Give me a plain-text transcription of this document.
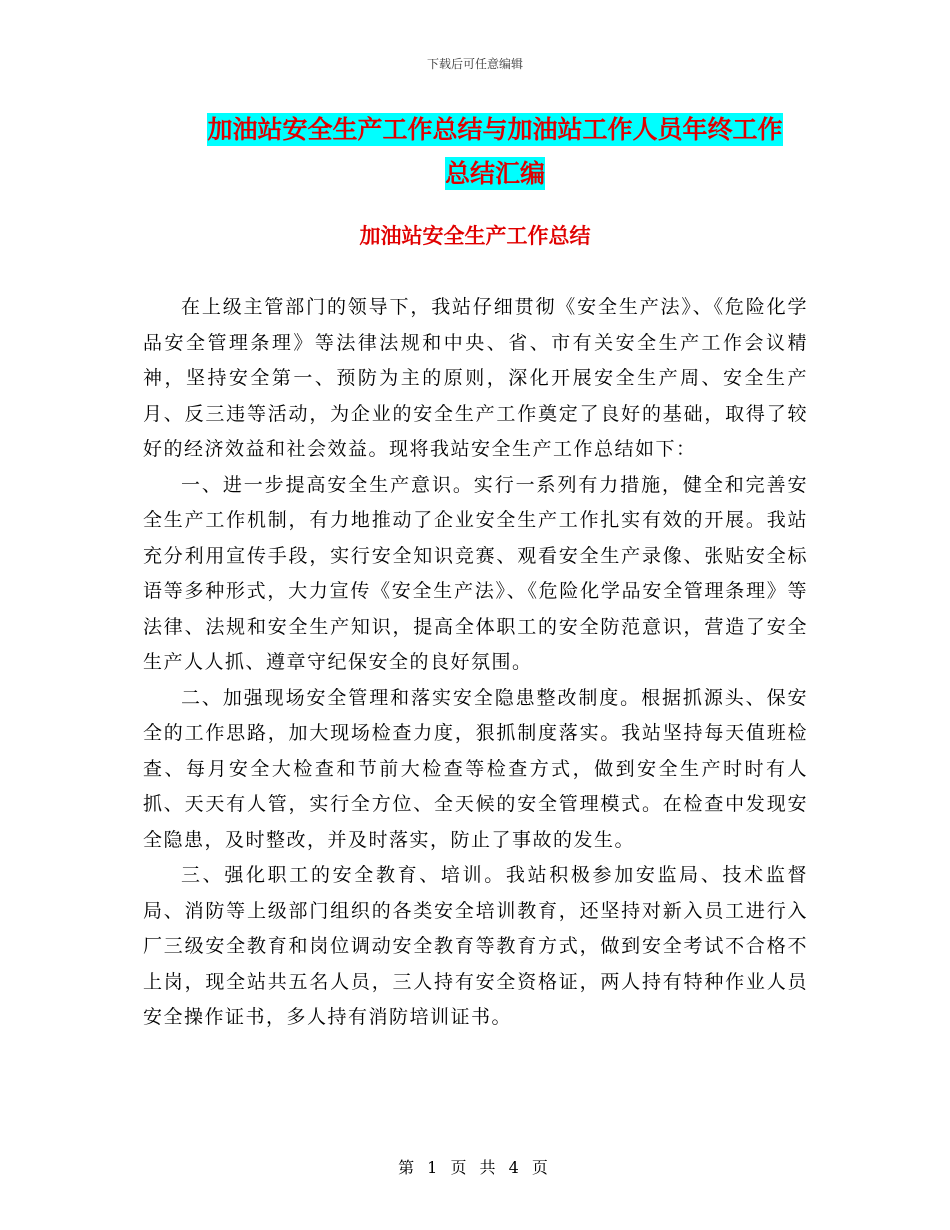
下载后可任意编辑
加油站安全生产工作总结与加油站工作人员年终工作
总结汇编
加油站安全生产工作总结

在上级主管部门的领导下，我站仔细贯彻《安全生产法》、《危险化学品安全管理条理》等法律法规和中央、省、市有关安全生产工作会议精神，坚持安全第一、预防为主的原则，深化开展安全生产周、安全生产月、反三违等活动，为企业的安全生产工作奠定了良好的基础，取得了较好的经济效益和社会效益。现将我站安全生产工作总结如下：

一、进一步提高安全生产意识。实行一系列有力措施，健全和完善安全生产工作机制，有力地推动了企业安全生产工作扎实有效的开展。我站充分利用宣传手段，实行安全知识竞赛、观看安全生产录像、张贴安全标语等多种形式，大力宣传《安全生产法》、《危险化学品安全管理条理》等法律、法规和安全生产知识，提高全体职工的安全防范意识，营造了安全生产人人抓、遵章守纪保安全的良好氛围。

二、加强现场安全管理和落实安全隐患整改制度。根据抓源头、保安全的工作思路，加大现场检查力度，狠抓制度落实。我站坚持每天值班检查、每月安全大检查和节前大检查等检查方式，做到安全生产时时有人抓、天天有人管，实行全方位、全天候的安全管理模式。在检查中发现安全隐患，及时整改，并及时落实，防止了事故的发生。

三、强化职工的安全教育、培训。我站积极参加安监局、技术监督局、消防等上级部门组织的各类安全培训教育，还坚持对新入员工进行入厂三级安全教育和岗位调动安全教育等教育方式，做到安全考试不合格不上岗，现全站共五名人员，三人持有安全资格证，两人持有特种作业人员安全操作证书，多人持有消防培训证书。

第 1 页 共 4 页
